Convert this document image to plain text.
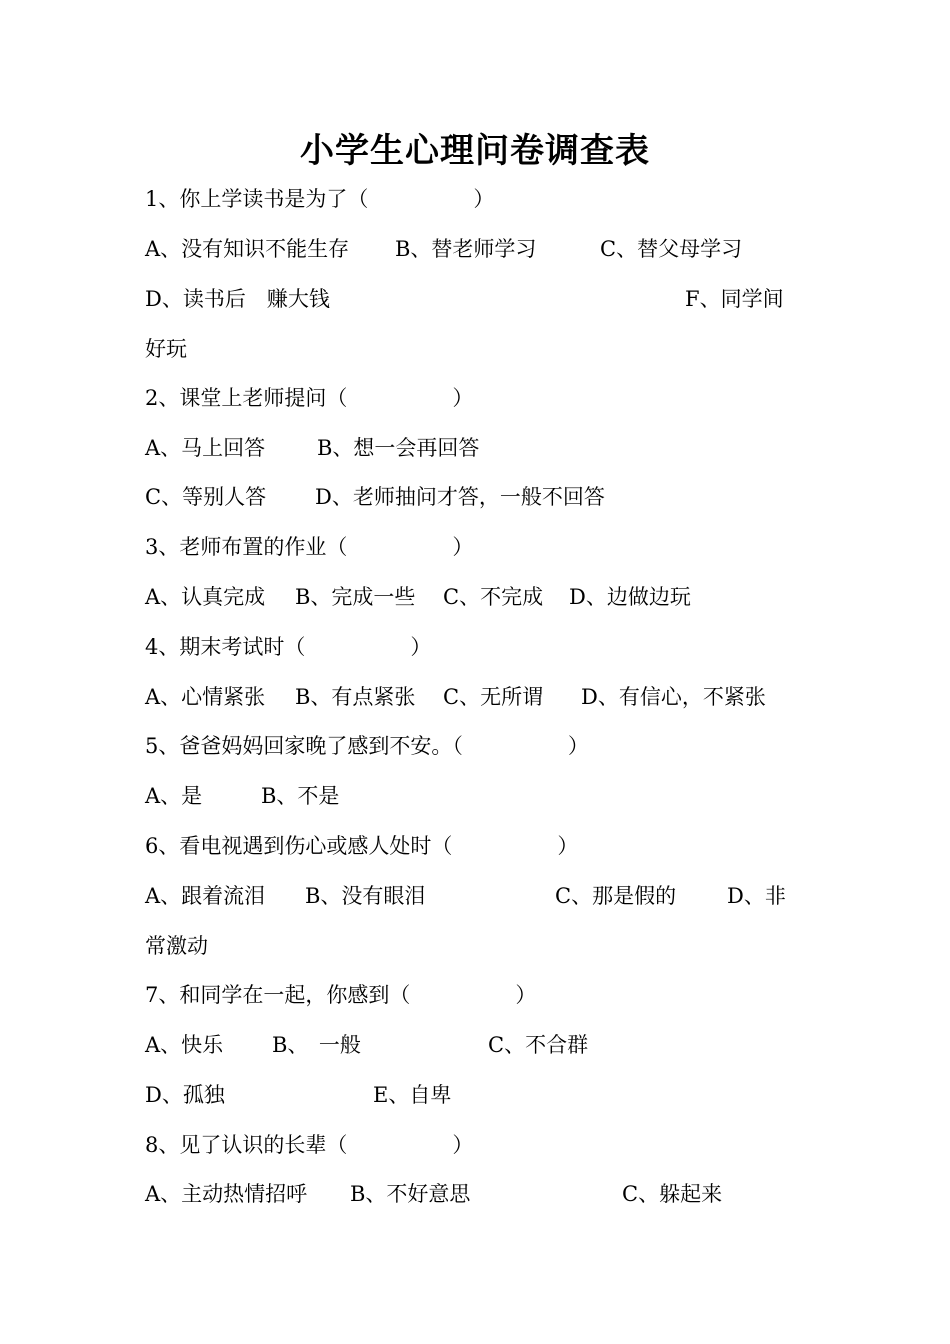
小学生心理问卷调查表
1、你上学读书是为了（　　　　　）

A、没有知识不能生存

B、替老师学习

	C、替父母学习

D、读书后　赚大钱

	F、同学间

好玩
2、课堂上老师提问（　　　　　）

A、马上回答

B、想一会再回答

C、等别人答

D、老师抽问才答，一般不回答

3、老师布置的作业（　　　　　）

A、认真完成

B、完成一些

C、不完成

D、边做边玩

4、期末考试时（　　　　　）

A、心情紧张

B、有点紧张

C、无所谓

D、有信心，不紧张

5、爸爸妈妈回家晚了感到不安。（　　　　　）

A、是

	B、不是

6、看电视遇到伤心或感人处时（　　　　　）

A、跟着流泪

B、没有眼泪

	C、那是假的

D、非

常激动
7、和同学在一起，你感到（　　　　　）

A、快乐

B、　一般

	C、不合群

D、孤独

	E、自卑

8、见了认识的长辈（　　　　　）

A、主动热情招呼

B、不好意思

	C、躲起来
